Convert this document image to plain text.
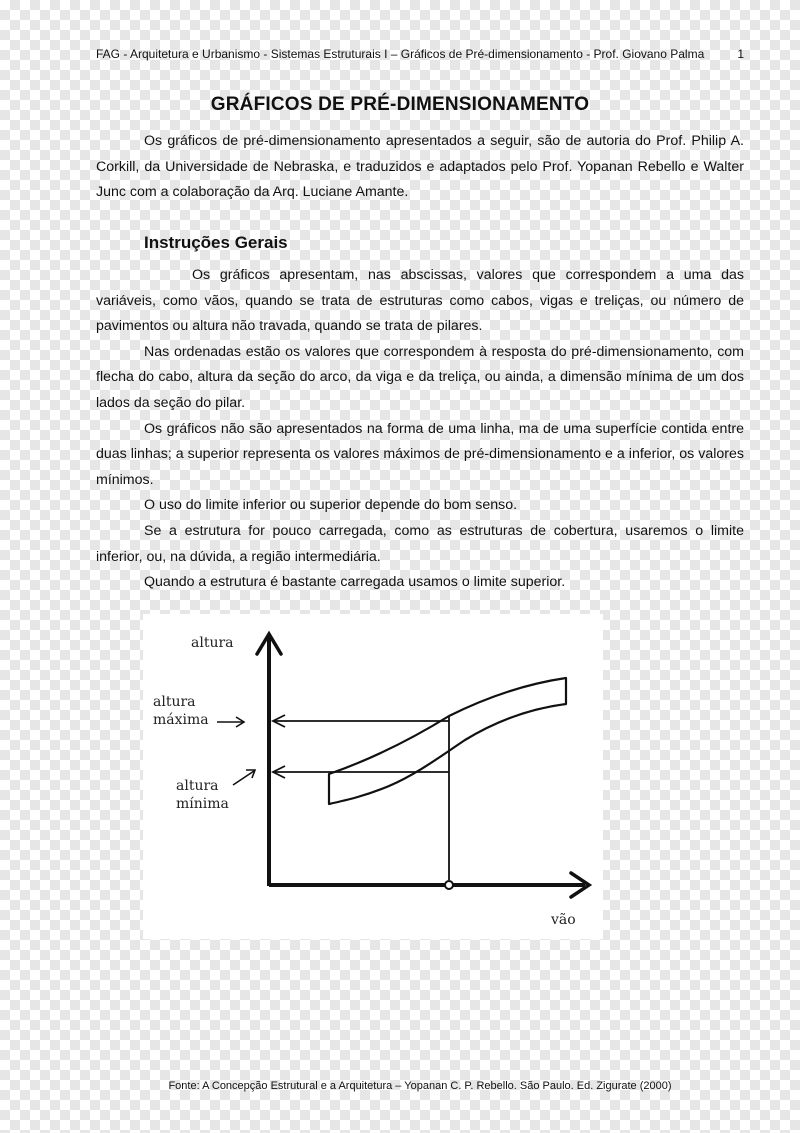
FAG - Arquitetura e Urbanismo - Sistemas Estruturais I – Gráficos de Pré-dimensionamento - Prof. Giovano Palma	1
GRÁFICOS DE PRÉ-DIMENSIONAMENTO

Os gráficos de pré-dimensionamento apresentados a seguir, são de autoria do Prof. Philip A. Corkill, da Universidade de Nebraska, e traduzidos e adaptados pelo Prof. Yopanan Rebello e Walter Junc com a colaboração da Arq. Luciane Amante.

Instruções Gerais

Os gráficos apresentam, nas abscissas, valores que correspondem a uma das variáveis, como vãos, quando se trata de estruturas como cabos, vigas e treliças, ou número de pavimentos ou altura não travada, quando se trata de pilares.

Nas ordenadas estão os valores que correspondem à resposta do pré-dimensionamento, com flecha do cabo, altura da seção do arco, da viga e da treliça, ou ainda, a dimensão mínima de um dos lados da seção do pilar.

Os gráficos não são apresentados na forma de uma linha, ma de uma superfície contida entre duas linhas; a superior representa os valores máximos de pré-dimensionamento e a inferior, os valores mínimos.

O uso do limite inferior ou superior depende do bom senso.

Se a estrutura for pouco carregada, como as estruturas de cobertura, usaremos o limite inferior, ou, na dúvida, a região intermediária.

Quando a estrutura é bastante carregada usamos o limite superior.

altura
vão
altura
máxima
altura
mínima
Fonte: A Concepção Estrutural e a Arquitetura – Yopanan C. P. Rebello. São Paulo. Ed. Zigurate (2000)
